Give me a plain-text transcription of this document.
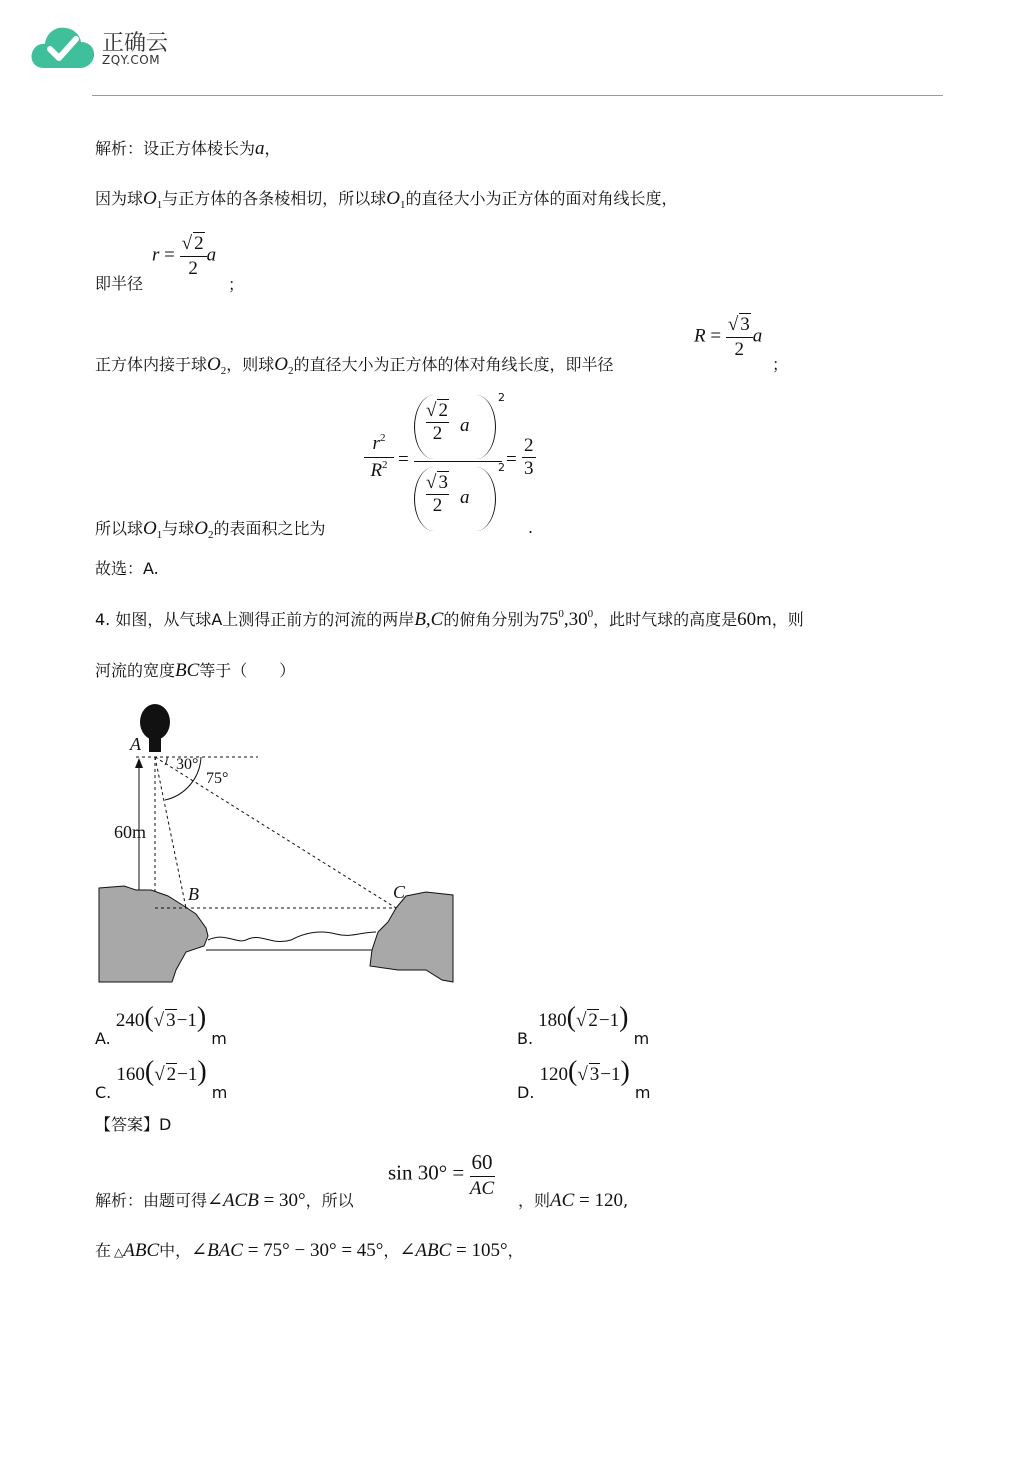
正确云
ZQY.COM
解析：设正方体棱长为a，
因为球$O_1$与正方体的各条棱相切，所以球$O_1$的直径大小为正方体的面对角线长度，
即半径
$r = \frac{√ 2}{2}$ a
；
正方体内接于球$O_2$，则球$O_2$的直径大小为正方体的体对角线长度，即半径
$R = \frac{√ 3}{2}$ a
；
$r^2$
$R^2$ =
√ 2
2 a
2
√ 3
2 a
2 =
2
3
所以球$O_1$与球$O_2$的表面积之比为	.
故选：A.
4. 如图，从气球A上测得正前方的河流的两岸B,C的俯角分别为$75^0,30^0$，此时气球的高度是60m，则
河流的宽度BC等于（　　）
A
B	C
30°
75°
60m
A. 240(√ 3−1) m	B. 180(√ 2−1) m
C. 160(√ 2−1) m	D. 120(√ 3−1) m
【答案】D
解析：由题可得∠ACB = 30°，所以
$\sin 30^\circ = \frac{60}{AC}$
，则AC = 120,
在 △ABC中，∠BAC = 75° − 30° = 45°，∠ABC = 105°，
